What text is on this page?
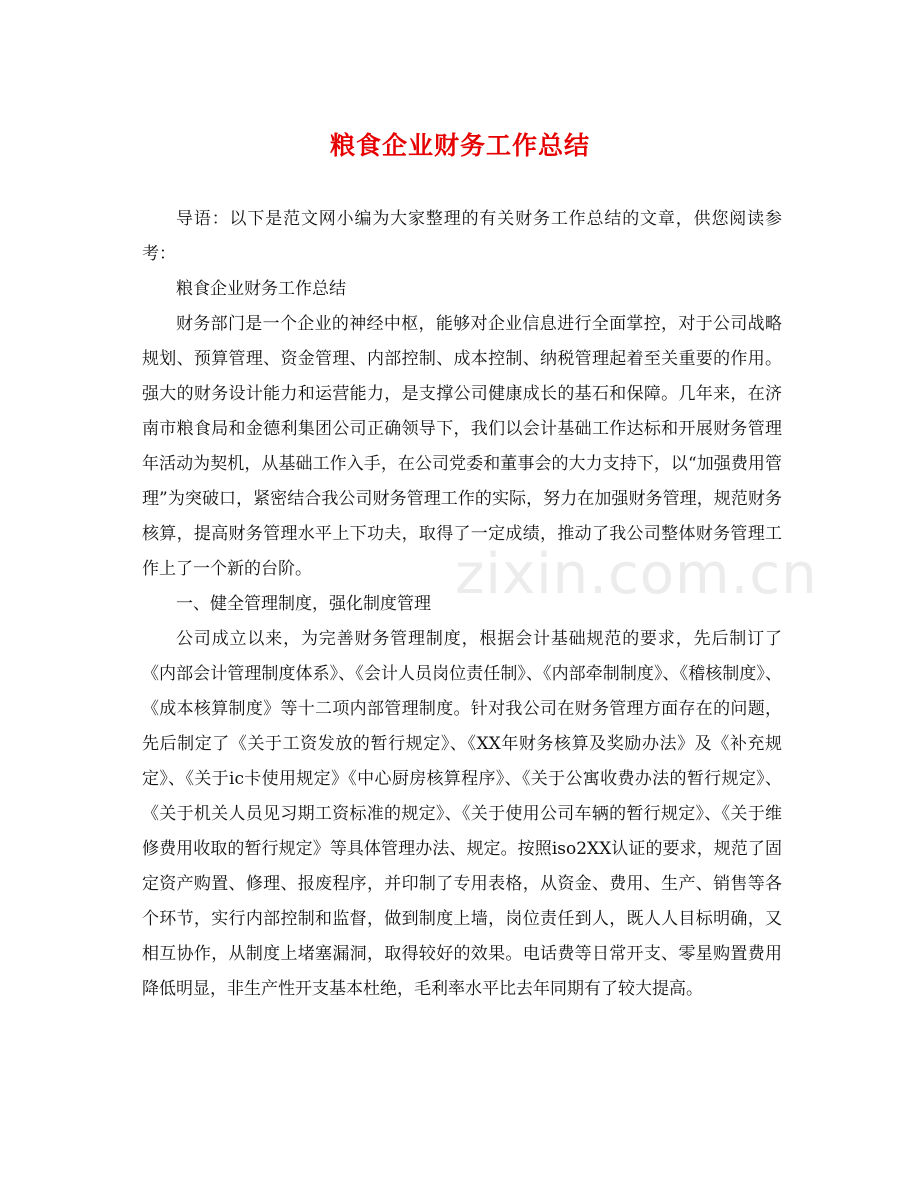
粮食企业财务工作总结
zixin.com.cn

导语：以下是范文网小编为大家整理的有关财务工作总结的文章，供您阅读参考：

粮食企业财务工作总结

财务部门是一个企业的神经中枢，能够对企业信息进行全面掌控，对于公司战略规划、预算管理、资金管理、内部控制、成本控制、纳税管理起着至关重要的作用。强大的财务设计能力和运营能力，是支撑公司健康成长的基石和保障。几年来，在济南市粮食局和金德利集团公司正确领导下，我们以会计基础工作达标和开展财务管理年活动为契机，从基础工作入手，在公司党委和董事会的大力支持下，以“加强费用管理”为突破口，紧密结合我公司财务管理工作的实际，努力在加强财务管理，规范财务核算，提高财务管理水平上下功夫，取得了一定成绩，推动了我公司整体财务管理工作上了一个新的台阶。

一、健全管理制度，强化制度管理

公司成立以来，为完善财务管理制度，根据会计基础规范的要求，先后制订了《内部会计管理制度体系》、《会计人员岗位责任制》、《内部牵制制度》、《稽核制度》、《成本核算制度》等十二项内部管理制度。针对我公司在财务管理方面存在的问题，先后制定了《关于工资发放的暂行规定》、《XX年财务核算及奖励办法》及《补充规定》、《关于ic卡使用规定》《中心厨房核算程序》、《关于公寓收费办法的暂行规定》、《关于机关人员见习期工资标准的规定》、《关于使用公司车辆的暂行规定》、《关于维修费用收取的暂行规定》等具体管理办法、规定。按照iso2XX认证的要求，规范了固定资产购置、修理、报废程序，并印制了专用表格，从资金、费用、生产、销售等各个环节，实行内部控制和监督，做到制度上墙，岗位责任到人，既人人目标明确，又相互协作，从制度上堵塞漏洞，取得较好的效果。电话费等日常开支、零星购置费用降低明显，非生产性开支基本杜绝，毛利率水平比去年同期有了较大提高。
